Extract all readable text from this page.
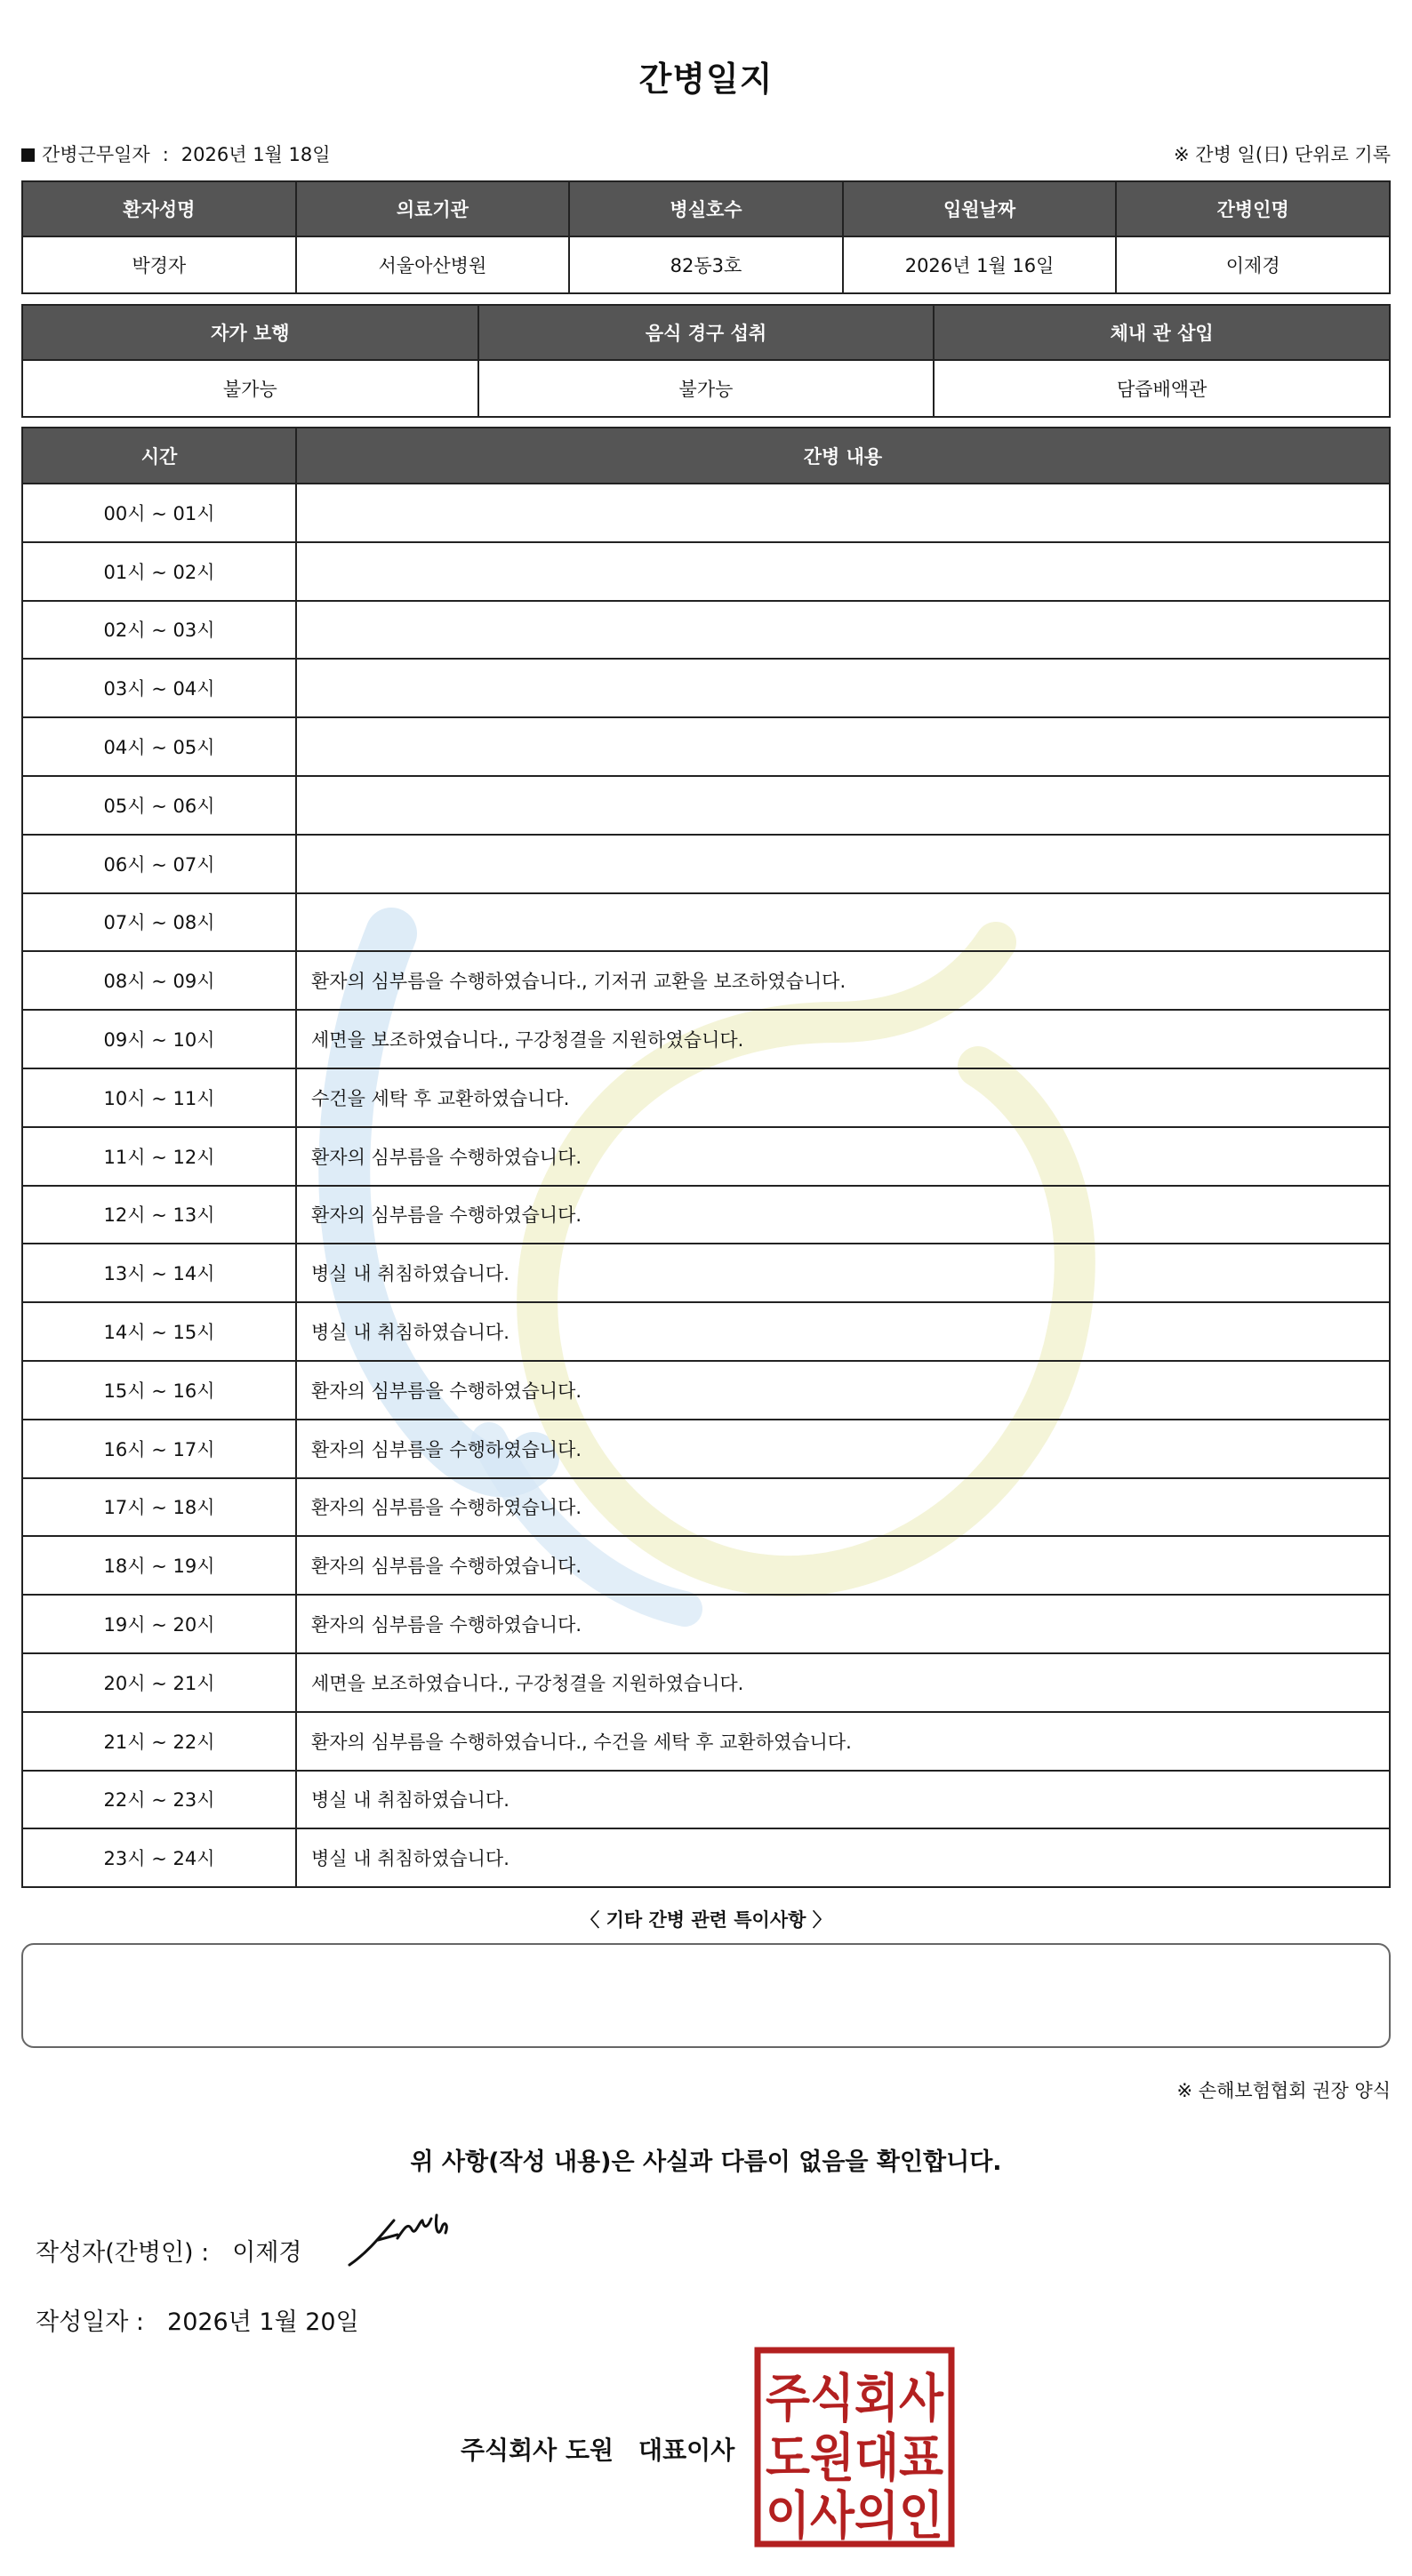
간병일지
간병근무일자 : 2026년 1월 18일	※ 간병 일(日) 단위로 기록
환자성명	의료기관	병실호수	입원날짜	간병인명
박경자	서울아산병원	82동3호	2026년 1월 16일	이제경
자가 보행	음식 경구 섭취	체내 관 삽입
불가능	불가능	담즙배액관
시간	간병 내용
00시 ~ 01시	
01시 ~ 02시	
02시 ~ 03시	
03시 ~ 04시	
04시 ~ 05시	
05시 ~ 06시	
06시 ~ 07시	
07시 ~ 08시	
08시 ~ 09시	환자의 심부름을 수행하였습니다., 기저귀 교환을 보조하였습니다.
09시 ~ 10시	세면을 보조하였습니다., 구강청결을 지원하였습니다.
10시 ~ 11시	수건을 세탁 후 교환하였습니다.
11시 ~ 12시	환자의 심부름을 수행하였습니다.
12시 ~ 13시	환자의 심부름을 수행하였습니다.
13시 ~ 14시	병실 내 취침하였습니다.
14시 ~ 15시	병실 내 취침하였습니다.
15시 ~ 16시	환자의 심부름을 수행하였습니다.
16시 ~ 17시	환자의 심부름을 수행하였습니다.
17시 ~ 18시	환자의 심부름을 수행하였습니다.
18시 ~ 19시	환자의 심부름을 수행하였습니다.
19시 ~ 20시	환자의 심부름을 수행하였습니다.
20시 ~ 21시	세면을 보조하였습니다., 구강청결을 지원하였습니다.
21시 ~ 22시	환자의 심부름을 수행하였습니다., 수건을 세탁 후 교환하였습니다.
22시 ~ 23시	병실 내 취침하였습니다.
23시 ~ 24시	병실 내 취침하였습니다.
〈 기타 간병 관련 특이사항 〉
※ 손해보험협회 권장 양식
위 사항(작성 내용)은 사실과 다름이 없음을 확인합니다.
작성자(간병인) : 이제경
작성일자 : 2026년 1월 20일
주식회사 도원 대표이사
주식회사
도원대표
이사의인
